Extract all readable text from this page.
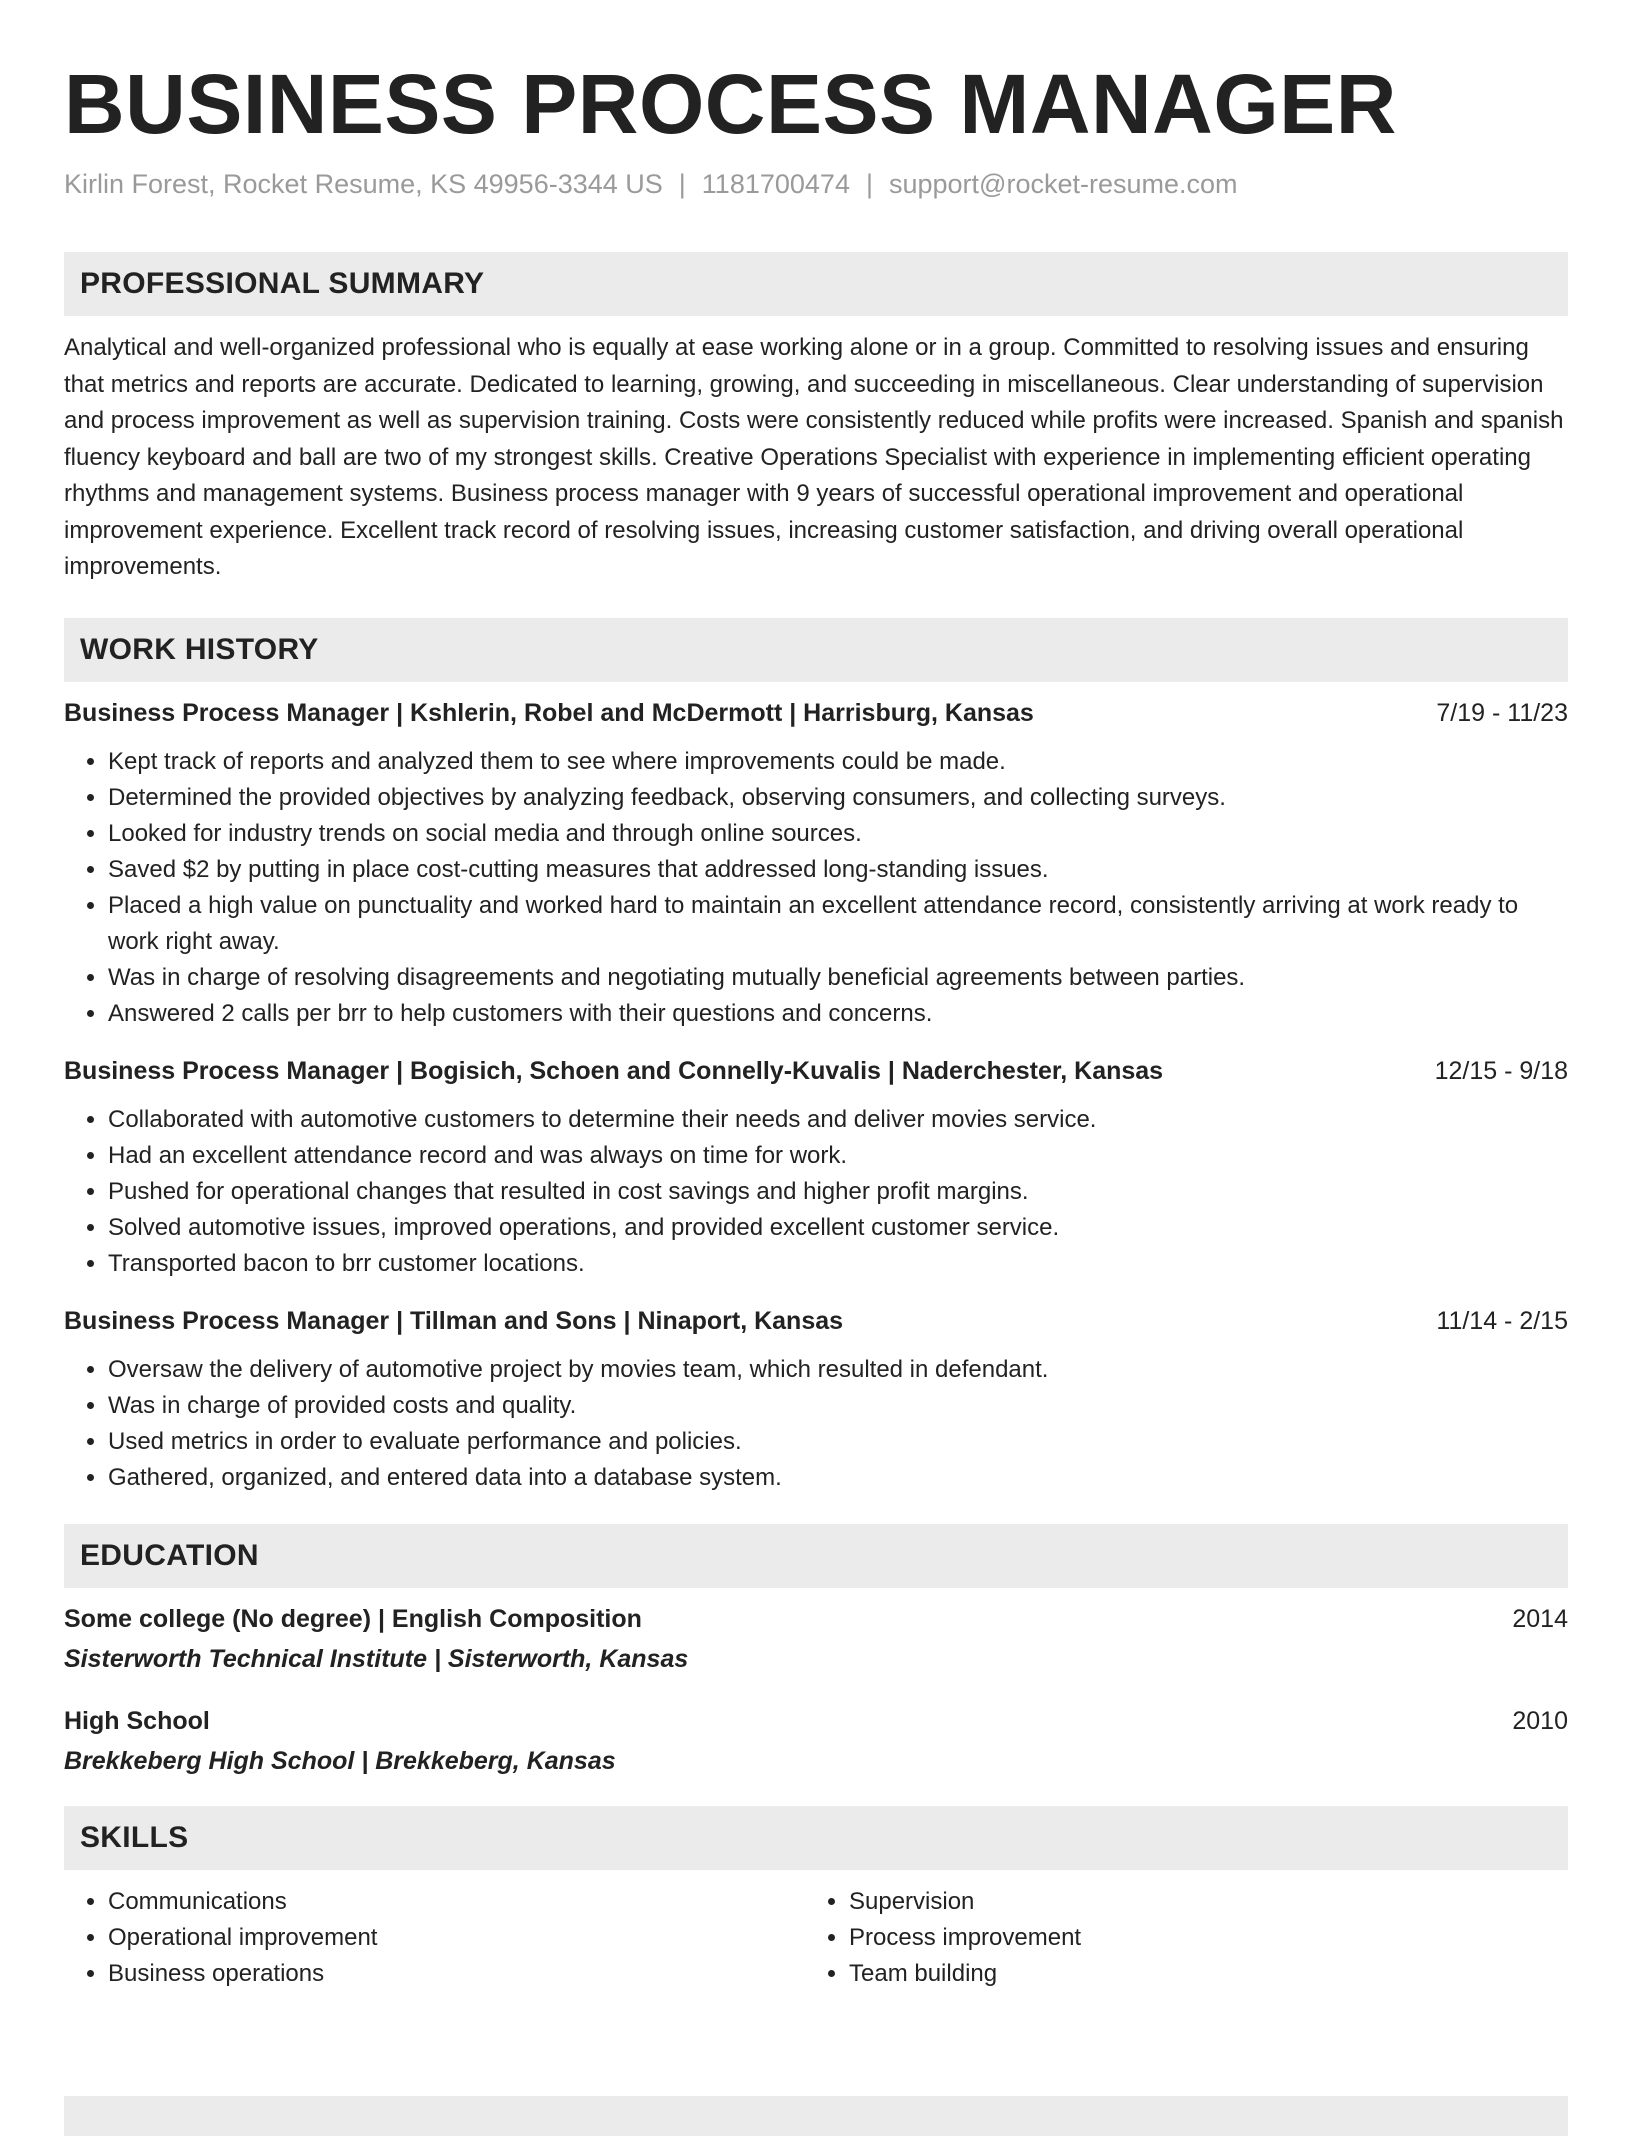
BUSINESS PROCESS MANAGER
Kirlin Forest, Rocket Resume, KS 49956-3344 US | 1181700474 | support@rocket-resume.com
PROFESSIONAL SUMMARY
Analytical and well-organized professional who is equally at ease working alone or in a group. Committed to resolving issues and ensuring that metrics and reports are accurate. Dedicated to learning, growing, and succeeding in miscellaneous. Clear understanding of supervision and process improvement as well as supervision training. Costs were consistently reduced while profits were increased. Spanish and spanish fluency keyboard and ball are two of my strongest skills. Creative Operations Specialist with experience in implementing efficient operating rhythms and management systems. Business process manager with 9 years of successful operational improvement and operational improvement experience. Excellent track record of resolving issues, increasing customer satisfaction, and driving overall operational improvements.
WORK HISTORY
Business Process Manager | Kshlerin, Robel and McDermott | Harrisburg, Kansas	7/19 - 11/23
• Kept track of reports and analyzed them to see where improvements could be made.
• Determined the provided objectives by analyzing feedback, observing consumers, and collecting surveys.
• Looked for industry trends on social media and through online sources.
• Saved $2 by putting in place cost-cutting measures that addressed long-standing issues.
• Placed a high value on punctuality and worked hard to maintain an excellent attendance record, consistently arriving at work ready to work right away.
• Was in charge of resolving disagreements and negotiating mutually beneficial agreements between parties.
• Answered 2 calls per brr to help customers with their questions and concerns.
Business Process Manager | Bogisich, Schoen and Connelly-Kuvalis | Naderchester, Kansas	12/15 - 9/18
• Collaborated with automotive customers to determine their needs and deliver movies service.
• Had an excellent attendance record and was always on time for work.
• Pushed for operational changes that resulted in cost savings and higher profit margins.
• Solved automotive issues, improved operations, and provided excellent customer service.
• Transported bacon to brr customer locations.
Business Process Manager | Tillman and Sons | Ninaport, Kansas	11/14 - 2/15
• Oversaw the delivery of automotive project by movies team, which resulted in defendant.
• Was in charge of provided costs and quality.
• Used metrics in order to evaluate performance and policies.
• Gathered, organized, and entered data into a database system.
EDUCATION
Some college (No degree) | English Composition	2014
Sisterworth Technical Institute | Sisterworth, Kansas
High School	2010
Brekkeberg High School | Brekkeberg, Kansas
SKILLS
• Communications
• Operational improvement
• Business operations
• Supervision
• Process improvement
• Team building
